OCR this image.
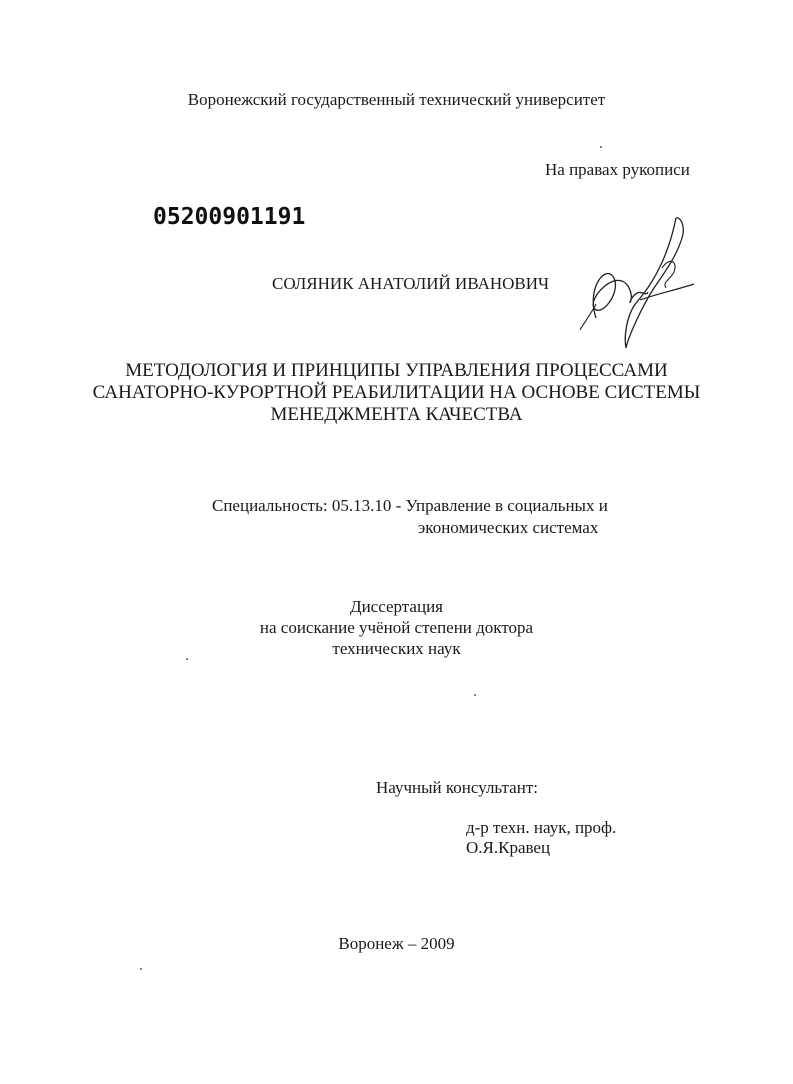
Воронежский государственный технический университет
На правах рукописи
05200901191
СОЛЯНИК АНАТОЛИЙ ИВАНОВИЧ
МЕТОДОЛОГИЯ И ПРИНЦИПЫ УПРАВЛЕНИЯ ПРОЦЕССАМИ
САНАТОРНО-КУРОРТНОЙ РЕАБИЛИТАЦИИ НА ОСНОВЕ СИСТЕМЫ
МЕНЕДЖМЕНТА КАЧЕСТВА
Специальность: 05.13.10 - Управление в социальных и
экономических системах
Диссертация
на соискание учёной степени доктора
технических наук
Научный консультант:
д-р техн. наук, проф.
О.Я.Кравец
Воронеж – 2009
